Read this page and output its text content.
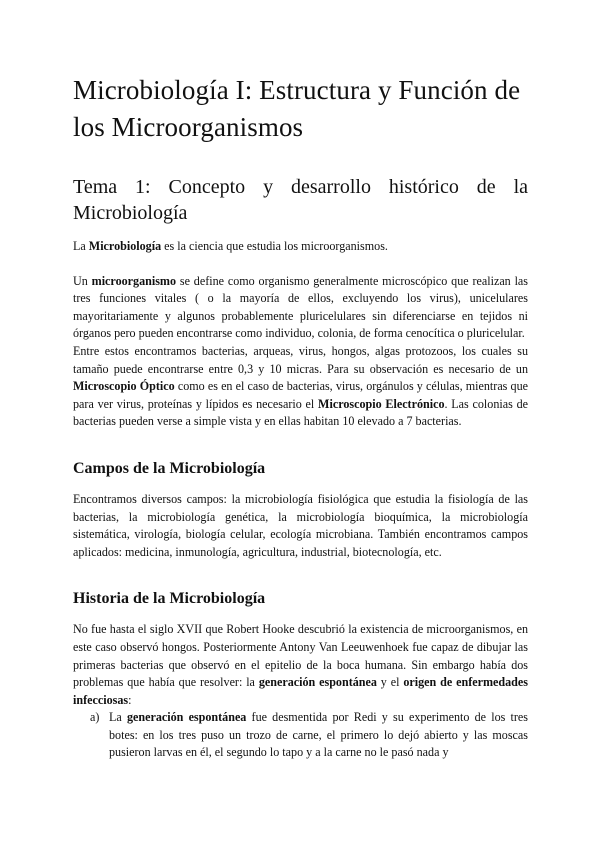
Microbiología I: Estructura y Función de los Microorganismos
Tema 1: Concepto y desarrollo histórico de la Microbiología

La Microbiología es la ciencia que estudia los microorganismos.

Un microorganismo se define como organismo generalmente microscópico que realizan las tres funciones vitales ( o la mayoría de ellos, excluyendo los virus), unicelulares mayoritariamente y algunos probablemente pluricelulares sin diferenciarse en tejidos ni órganos pero pueden encontrarse como individuo, colonia, de forma cenocítica o pluricelular.

Entre estos encontramos bacterias, arqueas, virus, hongos, algas protozoos, los cuales su tamaño puede encontrarse entre 0,3 y 10 micras. Para su observación es necesario de un Microscopio Óptico como es en el caso de bacterias, virus, orgánulos y células, mientras que para ver virus, proteínas y lípidos es necesario el Microscopio Electrónico. Las colonias de bacterias pueden verse a simple vista y en ellas habitan 10 elevado a 7 bacterias.

Campos de la Microbiología

Encontramos diversos campos: la microbiología fisiológica que estudia la fisiología de las bacterias, la microbiología genética, la microbiología bioquímica, la microbiología sistemática, virología, biología celular, ecología microbiana. También encontramos campos aplicados: medicina, inmunología, agricultura, industrial, biotecnología, etc.

Historia de la Microbiología

No fue hasta el siglo XVII que Robert Hooke descubrió la existencia de microorganismos, en este caso observó hongos. Posteriormente Antony Van Leeuwenhoek fue capaz de dibujar las primeras bacterias que observó en el epitelio de la boca humana. Sin embargo había dos problemas que había que resolver: la generación espontánea y el origen de enfermedades infecciosas:

a) La generación espontánea fue desmentida por Redi y su experimento de los tres botes: en los tres puso un trozo de carne, el primero lo dejó abierto y las moscas pusieron larvas en él, el segundo lo tapo y a la carne no le pasó nada y
